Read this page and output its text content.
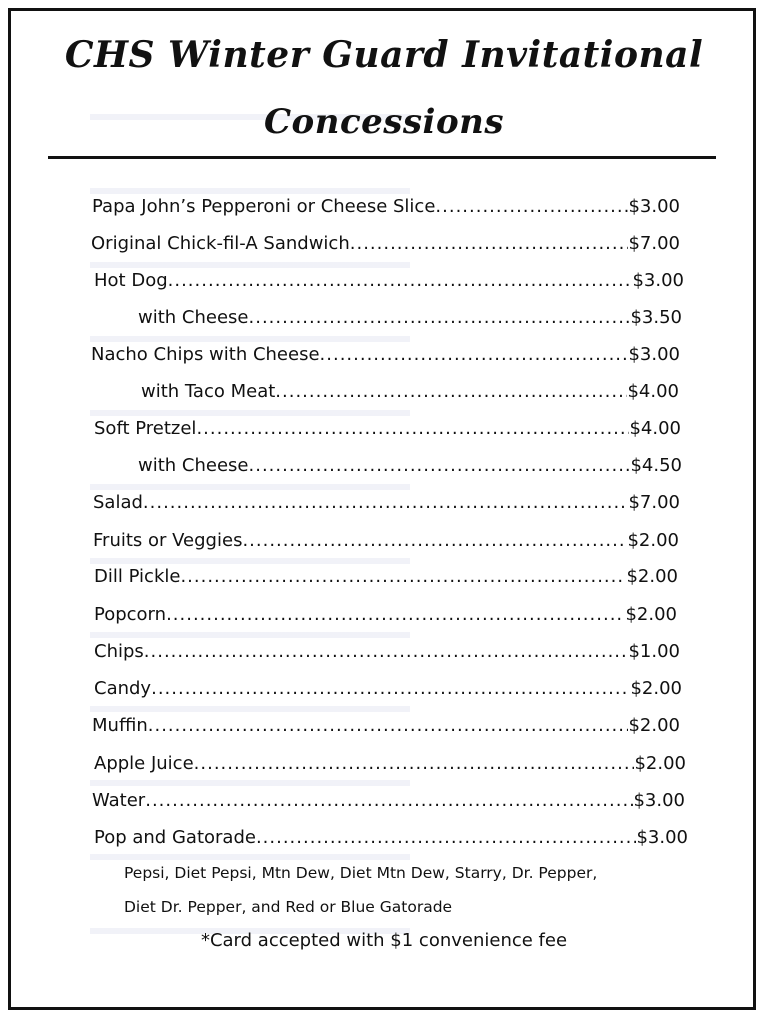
CHS Winter Guard Invitational
Concessions
Papa John’s Pepperoni or Cheese Slice .....	$3.00
Original Chick-fil-A Sandwich .....	$7.00
Hot Dog .....	$3.00
with Cheese .....	$3.50
Nacho Chips with Cheese .....	$3.00
with Taco Meat .....	$4.00
Soft Pretzel .....	$4.00
with Cheese .....	$4.50
Salad .....	$7.00
Fruits or Veggies .....	$2.00
Dill Pickle .....	$2.00
Popcorn .....	$2.00
Chips .....	$1.00
Candy .....	$2.00
Muffin .....	$2.00
Apple Juice .....	$2.00
Water .....	$3.00
Pop and Gatorade .....	$3.00
Pepsi, Diet Pepsi, Mtn Dew, Diet Mtn Dew, Starry, Dr. Pepper,
Diet Dr. Pepper, and Red or Blue Gatorade
*Card accepted with $1 convenience fee
